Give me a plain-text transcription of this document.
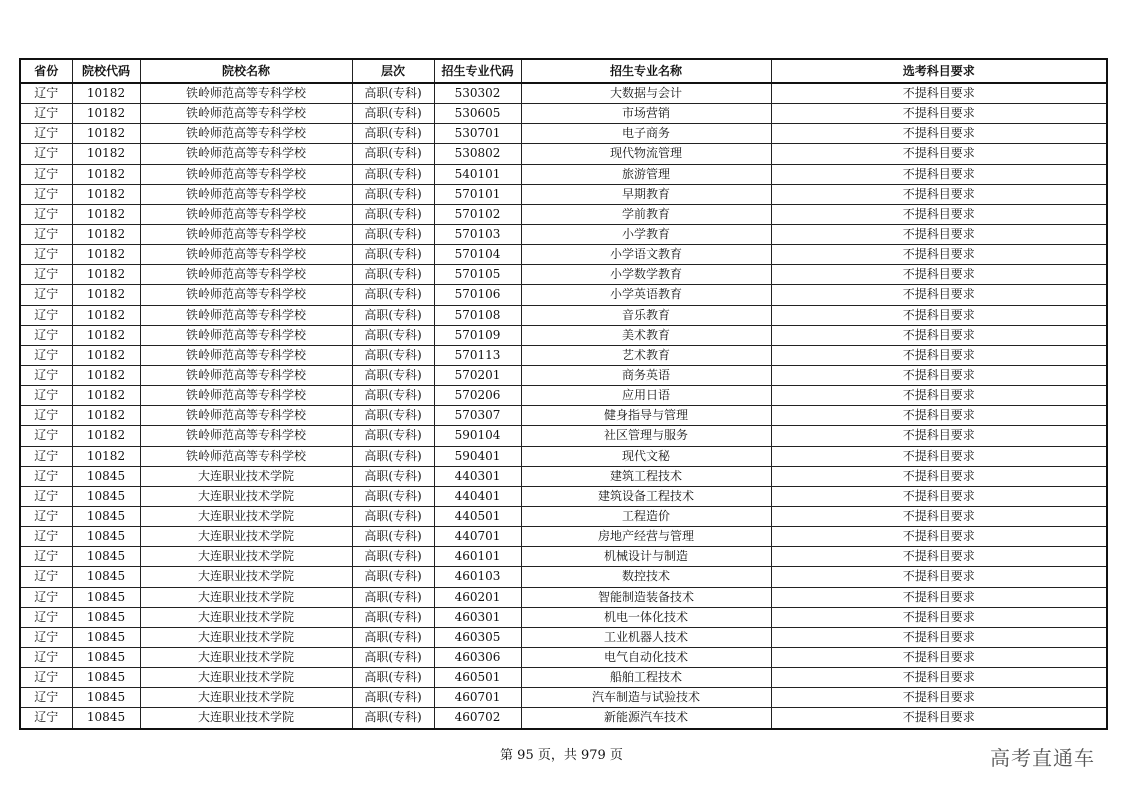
省份	院校代码	院校名称	层次	招生专业代码	招生专业名称	选考科目要求
辽宁	10182	铁岭师范高等专科学校	高职(专科)	530302	大数据与会计	不提科目要求
辽宁	10182	铁岭师范高等专科学校	高职(专科)	530605	市场营销	不提科目要求
辽宁	10182	铁岭师范高等专科学校	高职(专科)	530701	电子商务	不提科目要求
辽宁	10182	铁岭师范高等专科学校	高职(专科)	530802	现代物流管理	不提科目要求
辽宁	10182	铁岭师范高等专科学校	高职(专科)	540101	旅游管理	不提科目要求
辽宁	10182	铁岭师范高等专科学校	高职(专科)	570101	早期教育	不提科目要求
辽宁	10182	铁岭师范高等专科学校	高职(专科)	570102	学前教育	不提科目要求
辽宁	10182	铁岭师范高等专科学校	高职(专科)	570103	小学教育	不提科目要求
辽宁	10182	铁岭师范高等专科学校	高职(专科)	570104	小学语文教育	不提科目要求
辽宁	10182	铁岭师范高等专科学校	高职(专科)	570105	小学数学教育	不提科目要求
辽宁	10182	铁岭师范高等专科学校	高职(专科)	570106	小学英语教育	不提科目要求
辽宁	10182	铁岭师范高等专科学校	高职(专科)	570108	音乐教育	不提科目要求
辽宁	10182	铁岭师范高等专科学校	高职(专科)	570109	美术教育	不提科目要求
辽宁	10182	铁岭师范高等专科学校	高职(专科)	570113	艺术教育	不提科目要求
辽宁	10182	铁岭师范高等专科学校	高职(专科)	570201	商务英语	不提科目要求
辽宁	10182	铁岭师范高等专科学校	高职(专科)	570206	应用日语	不提科目要求
辽宁	10182	铁岭师范高等专科学校	高职(专科)	570307	健身指导与管理	不提科目要求
辽宁	10182	铁岭师范高等专科学校	高职(专科)	590104	社区管理与服务	不提科目要求
辽宁	10182	铁岭师范高等专科学校	高职(专科)	590401	现代文秘	不提科目要求
辽宁	10845	大连职业技术学院	高职(专科)	440301	建筑工程技术	不提科目要求
辽宁	10845	大连职业技术学院	高职(专科)	440401	建筑设备工程技术	不提科目要求
辽宁	10845	大连职业技术学院	高职(专科)	440501	工程造价	不提科目要求
辽宁	10845	大连职业技术学院	高职(专科)	440701	房地产经营与管理	不提科目要求
辽宁	10845	大连职业技术学院	高职(专科)	460101	机械设计与制造	不提科目要求
辽宁	10845	大连职业技术学院	高职(专科)	460103	数控技术	不提科目要求
辽宁	10845	大连职业技术学院	高职(专科)	460201	智能制造装备技术	不提科目要求
辽宁	10845	大连职业技术学院	高职(专科)	460301	机电一体化技术	不提科目要求
辽宁	10845	大连职业技术学院	高职(专科)	460305	工业机器人技术	不提科目要求
辽宁	10845	大连职业技术学院	高职(专科)	460306	电气自动化技术	不提科目要求
辽宁	10845	大连职业技术学院	高职(专科)	460501	船舶工程技术	不提科目要求
辽宁	10845	大连职业技术学院	高职(专科)	460701	汽车制造与试验技术	不提科目要求
辽宁	10845	大连职业技术学院	高职(专科)	460702	新能源汽车技术	不提科目要求
第 95 页，共 979 页	高考直通车
